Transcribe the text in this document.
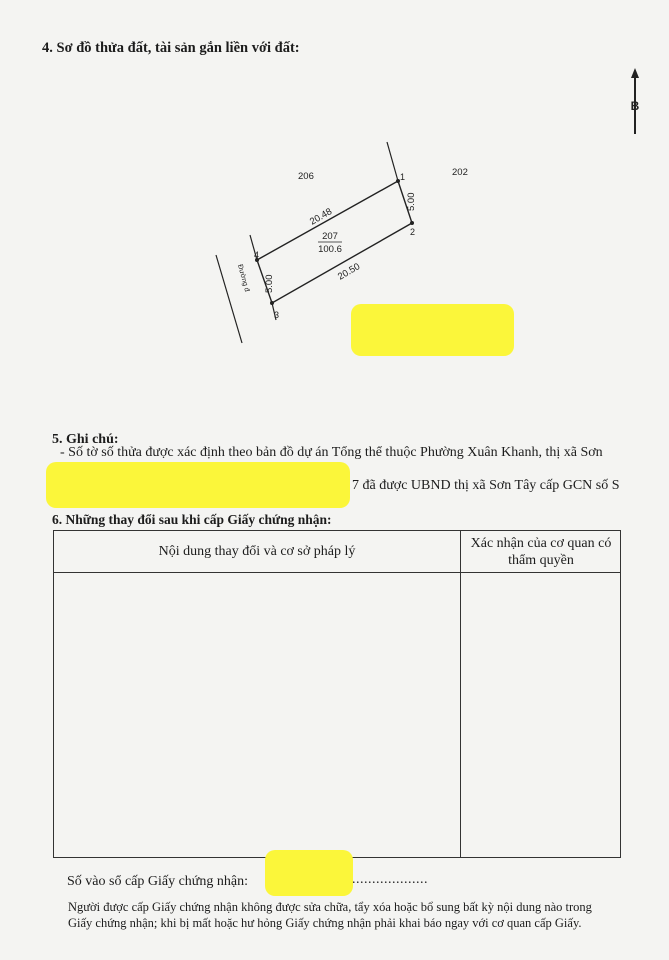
4. Sơ đồ thửa đất, tài sản gắn liền với đất:
B
1
2
3
4
206	202
207
100.6
20.48
20.50
5.00
5.00
Đường đ
5. Ghi chú:
- Số tờ số thửa được xác định theo bản đồ dự án Tổng thể thuộc Phường Xuân Khanh, thị xã Sơn
7 đã được UBND thị xã Sơn Tây cấp GCN số S
6. Những thay đổi sau khi cấp Giấy chứng nhận:
Nội dung thay đổi và cơ sở pháp lý
Xác nhận của cơ quan có thẩm quyền
Số vào sổ cấp Giấy chứng nhận:	...................
Người được cấp Giấy chứng nhận không được sửa chữa, tẩy xóa hoặc bổ sung bất kỳ nội dung nào trong
Giấy chứng nhận; khi bị mất hoặc hư hỏng Giấy chứng nhận phải khai báo ngay với cơ quan cấp Giấy.
